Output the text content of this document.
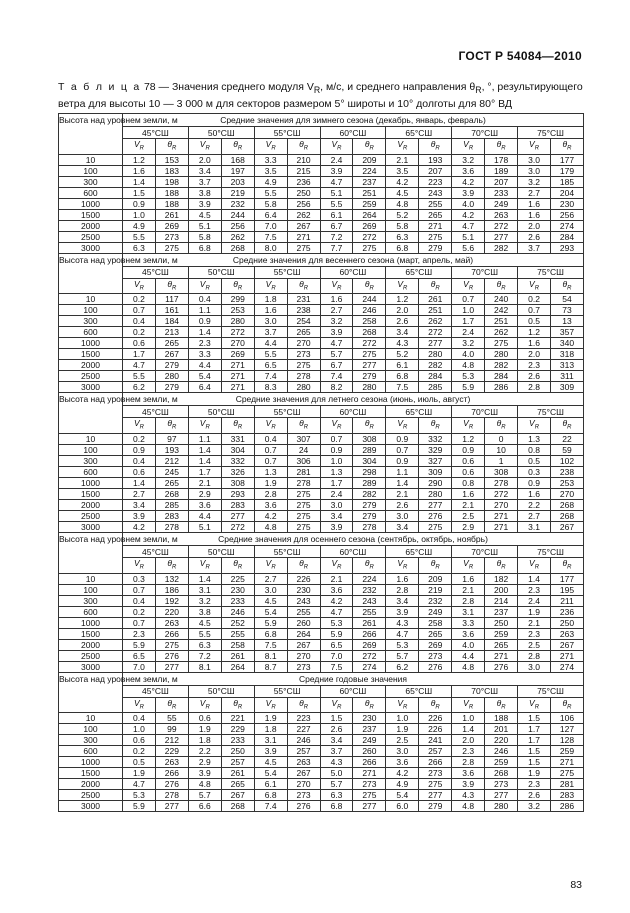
ГОСТ Р 54084—2010
Т а б л и ц а 78 — Значения среднего модуля $V_R$, м/с, и среднего направления $\theta_R$, °, результирующего ветра для высоты 10 — 3 000 м для секторов размером 5° широты и 10° долготы для 80° ВД
Высота над уровнем земли, м	Средние значения для зимнего сезона (декабрь, январь, февраль)													
	45°СШ		50°СШ		55°СШ		60°СШ		65°СШ		70°СШ		75°СШ	
	$V_R$	$\theta_R$	$V_R$	$\theta_R$	$V_R$	$\theta_R$	$V_R$	$\theta_R$	$V_R$	$\theta_R$	$V_R$	$\theta_R$	$V_R$	$\theta_R$
10	1.2	153	2.0	168	3.3	210	2.4	209	2.1	193	3.2	178	3.0	177
100	1.6	183	3.4	197	3.5	215	3.9	224	3.5	207	3.6	189	3.0	179
300	1.4	198	3.7	203	4.9	236	4.7	237	4.2	223	4.2	207	3.2	185
600	1.5	188	3.8	219	5.5	250	5.1	251	4.5	243	3.9	233	2.7	204
1000	0.9	188	3.9	232	5.8	256	5.5	259	4.8	255	4.0	249	1.6	230
1500	1.0	261	4.5	244	6.4	262	6.1	264	5.2	265	4.2	263	1.6	256
2000	4.9	269	5.1	256	7.0	267	6.7	269	5.8	271	4.7	272	2.0	274
2500	5.5	273	5.8	262	7.5	271	7.2	272	6.3	275	5.1	277	2.6	284
3000	6.3	275	6.8	268	8.0	275	7.7	275	6.8	279	5.6	282	3.7	293
Высота над уровнем земли, м	Средние значения для весеннего сезона (март, апрель, май)													
	45°СШ		50°СШ		55°СШ		60°СШ		65°СШ		70°СШ		75°СШ	
	$V_R$	$\theta_R$	$V_R$	$\theta_R$	$V_R$	$\theta_R$	$V_R$	$\theta_R$	$V_R$	$\theta_R$	$V_R$	$\theta_R$	$V_R$	$\theta_R$
10	0.2	117	0.4	299	1.8	231	1.6	244	1.2	261	0.7	240	0.2	54
100	0.7	161	1.1	253	1.6	238	2.7	246	2.0	251	1.0	242	0.7	73
300	0.4	184	0.9	280	3.0	254	3.2	258	2.6	262	1.7	251	0.5	13
600	0.2	213	1.4	272	3.7	265	3.9	268	3.4	272	2.4	262	1.2	357
1000	0.6	265	2.3	270	4.4	270	4.7	272	4.3	277	3.2	275	1.6	340
1500	1.7	267	3.3	269	5.5	273	5.7	275	5.2	280	4.0	280	2.0	318
2000	4.7	279	4.4	271	6.5	275	6.7	277	6.1	282	4.8	282	2.3	313
2500	5.5	280	5.4	271	7.4	278	7.4	279	6.8	284	5.3	284	2.6	311
3000	6.2	279	6.4	271	8.3	280	8.2	280	7.5	285	5.9	286	2.8	309
Высота над уровнем земли, м	Средние значения для летнего сезона (июнь, июль, август)													
	45°СШ		50°СШ		55°СШ		60°СШ		65°СШ		70°СШ		75°СШ	
	$V_R$	$\theta_R$	$V_R$	$\theta_R$	$V_R$	$\theta_R$	$V_R$	$\theta_R$	$V_R$	$\theta_R$	$V_R$	$\theta_R$	$V_R$	$\theta_R$
10	0.2	97	1.1	331	0.4	307	0.7	308	0.9	332	1.2	0	1.3	22
100	0.9	193	1.4	304	0.7	24	0.9	289	0.7	329	0.9	10	0.8	59
300	0.4	212	1.4	332	0.7	306	1.0	304	0.9	327	0.6	1	0.5	102
600	0.6	245	1.7	326	1.3	281	1.3	298	1.1	309	0.6	308	0.3	238
1000	1.4	265	2.1	308	1.9	278	1.7	289	1.4	290	0.8	278	0.9	253
1500	2.7	268	2.9	293	2.8	275	2.4	282	2.1	280	1.6	272	1.6	270
2000	3.4	285	3.6	283	3.6	275	3.0	279	2.6	277	2.1	270	2.2	268
2500	3.9	283	4.4	277	4.2	275	3.4	279	3.0	276	2.5	271	2.7	268
3000	4.2	278	5.1	272	4.8	275	3.9	278	3.4	275	2.9	271	3.1	267
Высота над уровнем земли, м	Средние значения для осеннего сезона (сентябрь, октябрь, ноябрь)													
	45°СШ		50°СШ		55°СШ		60°СШ		65°СШ		70°СШ		75°СШ	
	$V_R$	$\theta_R$	$V_R$	$\theta_R$	$V_R$	$\theta_R$	$V_R$	$\theta_R$	$V_R$	$\theta_R$	$V_R$	$\theta_R$	$V_R$	$\theta_R$
10	0.3	132	1.4	225	2.7	226	2.1	224	1.6	209	1.6	182	1.4	177
100	0.7	186	3.1	230	3.0	230	3.6	232	2.8	219	2.1	200	2.3	195
300	0.4	192	3.2	233	4.5	243	4.2	243	3.4	232	2.8	214	2.4	211
600	0.2	220	3.8	246	5.4	255	4.7	255	3.9	249	3.1	237	1.9	236
1000	0.7	263	4.5	252	5.9	260	5.3	261	4.3	258	3.3	250	2.1	250
1500	2.3	266	5.5	255	6.8	264	5.9	266	4.7	265	3.6	259	2.3	263
2000	5.9	275	6.3	258	7.5	267	6.5	269	5.3	269	4.0	265	2.5	267
2500	6.5	276	7.2	261	8.1	270	7.0	272	5.7	273	4.4	271	2.8	271
3000	7.0	277	8.1	264	8.7	273	7.5	274	6.2	276	4.8	276	3.0	274
Высота над уровнем земли, м	Средние годовые значения													
	45°СШ		50°СШ		55°СШ		60°СШ		65°СШ		70°СШ		75°СШ	
	$V_R$	$\theta_R$	$V_R$	$\theta_R$	$V_R$	$\theta_R$	$V_R$	$\theta_R$	$V_R$	$\theta_R$	$V_R$	$\theta_R$	$V_R$	$\theta_R$
10	0.4	55	0.6	221	1.9	223	1.5	230	1.0	226	1.0	188	1.5	106
100	1.0	99	1.9	229	1.8	227	2.6	237	1.9	226	1.4	201	1.7	127
300	0.6	212	1.8	233	3.1	246	3.4	249	2.5	241	2.0	220	1.7	128
600	0.2	229	2.2	250	3.9	257	3.7	260	3.0	257	2.3	246	1.5	259
1000	0.5	263	2.9	257	4.5	263	4.3	266	3.6	266	2.8	259	1.5	271
1500	1.9	266	3.9	261	5.4	267	5.0	271	4.2	273	3.6	268	1.9	275
2000	4.7	276	4.8	265	6.1	270	5.7	273	4.9	275	3.9	273	2.3	281
2500	5.3	278	5.7	267	6.8	273	6.3	275	5.4	277	4.3	277	2.6	283
3000	5.9	277	6.6	268	7.4	276	6.8	277	6.0	279	4.8	280	3.2	286
83
